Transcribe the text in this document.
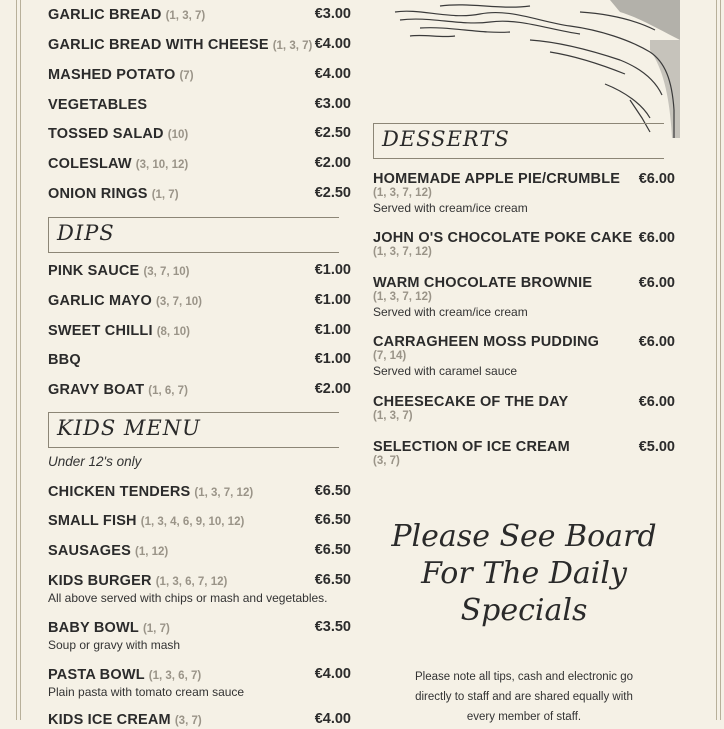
GARLIC BREAD (1, 3, 7)	€3.00
GARLIC BREAD WITH CHEESE (1, 3, 7) €4.00
MASHED POTATO (7)	€4.00
VEGETABLES	€3.00
TOSSED SALAD (10)	€2.50
COLESLAW (3, 10, 12)	€2.00
ONION RINGS (1, 7)	€2.50
DIPS
PINK SAUCE (3, 7, 10)	€1.00
GARLIC MAYO (3, 7, 10)	€1.00
SWEET CHILLI (8, 10)	€1.00
BBQ	€1.00
GRAVY BOAT (1, 6, 7)	€2.00
KIDS MENU
Under 12's only
CHICKEN TENDERS (1, 3, 7, 12)	€6.50
SMALL FISH (1, 3, 4, 6, 9, 10, 12)	€6.50
SAUSAGES (1, 12)	€6.50
KIDS BURGER (1, 3, 6, 7, 12)	€6.50
All above served with chips or mash and vegetables.
BABY BOWL (1, 7)	€3.50
Soup or gravy with mash
PASTA BOWL (1, 3, 6, 7)	€4.00
Plain pasta with tomato cream sauce
KIDS ICE CREAM (3, 7)	€4.00
DESSERTS
HOMEMADE APPLE PIE/CRUMBLE	€6.00
(1, 3, 7, 12)
Served with cream/ice cream
JOHN O'S CHOCOLATE POKE CAKE €6.00
(1, 3, 7, 12)
WARM CHOCOLATE BROWNIE	€6.00
(1, 3, 7, 12)
Served with cream/ice cream
CARRAGHEEN MOSS PUDDING	€6.00
(7, 14)
Served with caramel sauce
CHEESECAKE OF THE DAY	€6.00
(1, 3, 7)
SELECTION OF ICE CREAM	€5.00
(3, 7)
Please See Board
For The Daily
Specials
Please note all tips, cash and electronic go
directly to staff and are shared equally with
every member of staff.
